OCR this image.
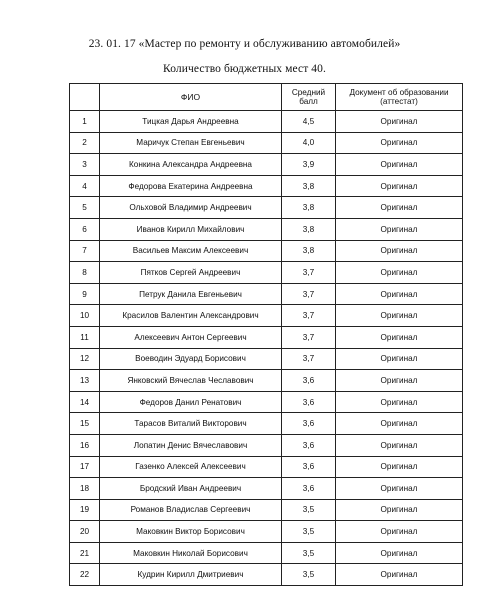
23. 01. 17 «Мастер по ремонту и обслуживанию автомобилей»
Количество бюджетных мест 40.
	ФИО	Средний балл	Документ об образовании (аттестат)
1	Тицкая Дарья Андреевна	4,5	Оригинал
2	Маричук Степан Евгеньевич	4,0	Оригинал
3	Конкина Александра Андреевна	3,9	Оригинал
4	Федорова Екатерина Андреевна	3,8	Оригинал
5	Ольховой Владимир Андреевич	3,8	Оригинал
6	Иванов Кирилл Михайлович	3,8	Оригинал
7	Васильев Максим Алексеевич	3,8	Оригинал
8	Пятков Сергей Андреевич	3,7	Оригинал
9	Петрук Данила Евгеньевич	3,7	Оригинал
10	Красилов Валентин Александрович	3,7	Оригинал
11	Алексеевич Антон Сергеевич	3,7	Оригинал
12	Воеводин Эдуард Борисович	3,7	Оригинал
13	Янковский Вячеслав Чеславович	3,6	Оригинал
14	Федоров Данил Ренатович	3,6	Оригинал
15	Тарасов Виталий Викторович	3,6	Оригинал
16	Лопатин Денис Вячеславович	3,6	Оригинал
17	Газенко Алексей Алексеевич	3,6	Оригинал
18	Бродский Иван Андреевич	3,6	Оригинал
19	Романов Владислав Сергеевич	3,5	Оригинал
20	Маковкин Виктор Борисович	3,5	Оригинал
21	Маковкин Николай Борисович	3,5	Оригинал
22	Кудрин Кирилл Дмитриевич	3,5	Оригинал
